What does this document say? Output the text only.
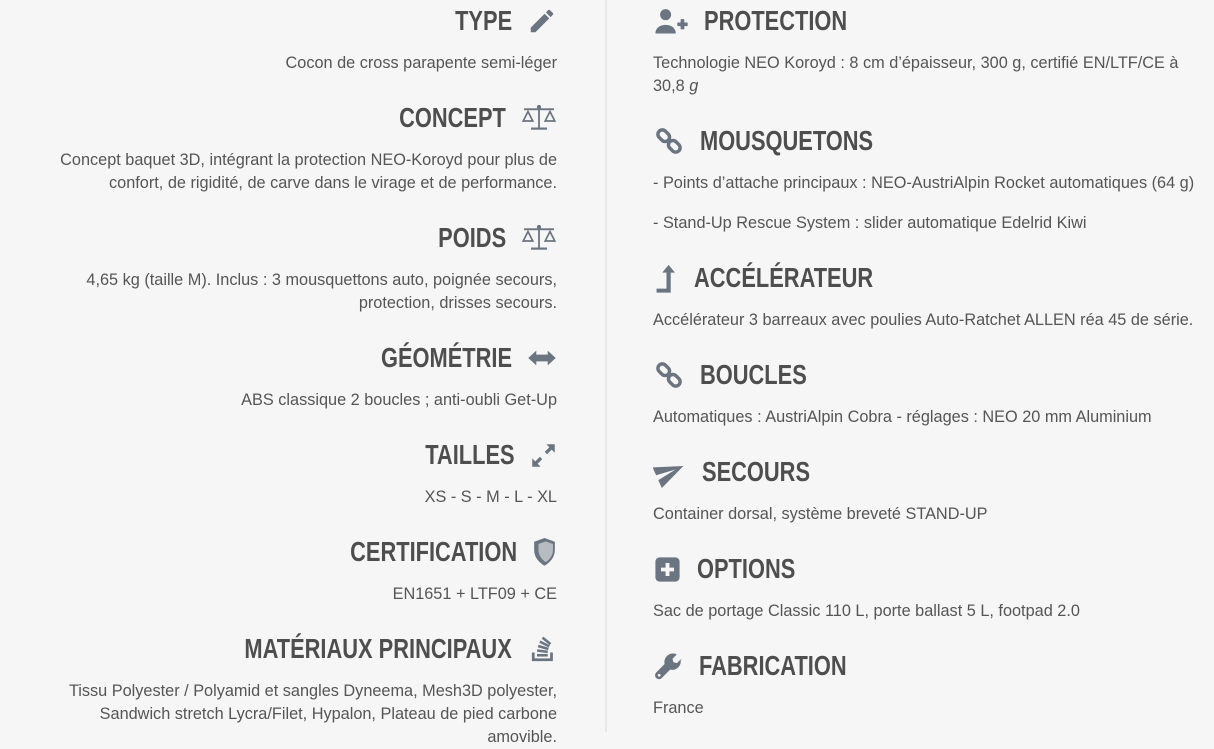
TYPE

Cocon de cross parapente semi-léger

CONCEPT

Concept baquet 3D, intégrant la protection NEO-Koroyd pour plus de confort, de rigidité, de carve dans le virage et de performance.

POIDS

4,65 kg (taille M). Inclus : 3 mousquettons auto, poignée secours, protection, drisses secours.

GÉOMÉTRIE

ABS classique 2 boucles ; anti-oubli Get-Up

TAILLES

XS - S - M - L - XL

CERTIFICATION

EN1651 + LTF09 + CE

MATÉRIAUX PRINCIPAUX

Tissu Polyester / Polyamid et sangles Dyneema, Mesh3D polyester, Sandwich stretch Lycra/Filet, Hypalon, Plateau de pied carbone amovible.

PROTECTION

Technologie NEO Koroyd : 8 cm d’épaisseur, 300 g, certifié EN/LTF/CE à 30,8 g

MOUSQUETONS

- Points d’attache principaux : NEO-AustriAlpin Rocket automatiques (64 g)

- Stand-Up Rescue System : slider automatique Edelrid Kiwi

ACCÉLÉRATEUR

Accélérateur 3 barreaux avec poulies Auto-Ratchet ALLEN réa 45 de série.

BOUCLES

Automatiques : AustriAlpin Cobra - réglages : NEO 20 mm Aluminium

SECOURS

Container dorsal, système breveté STAND-UP

OPTIONS

Sac de portage Classic 110 L, porte ballast 5 L, footpad 2.0

FABRICATION

France
